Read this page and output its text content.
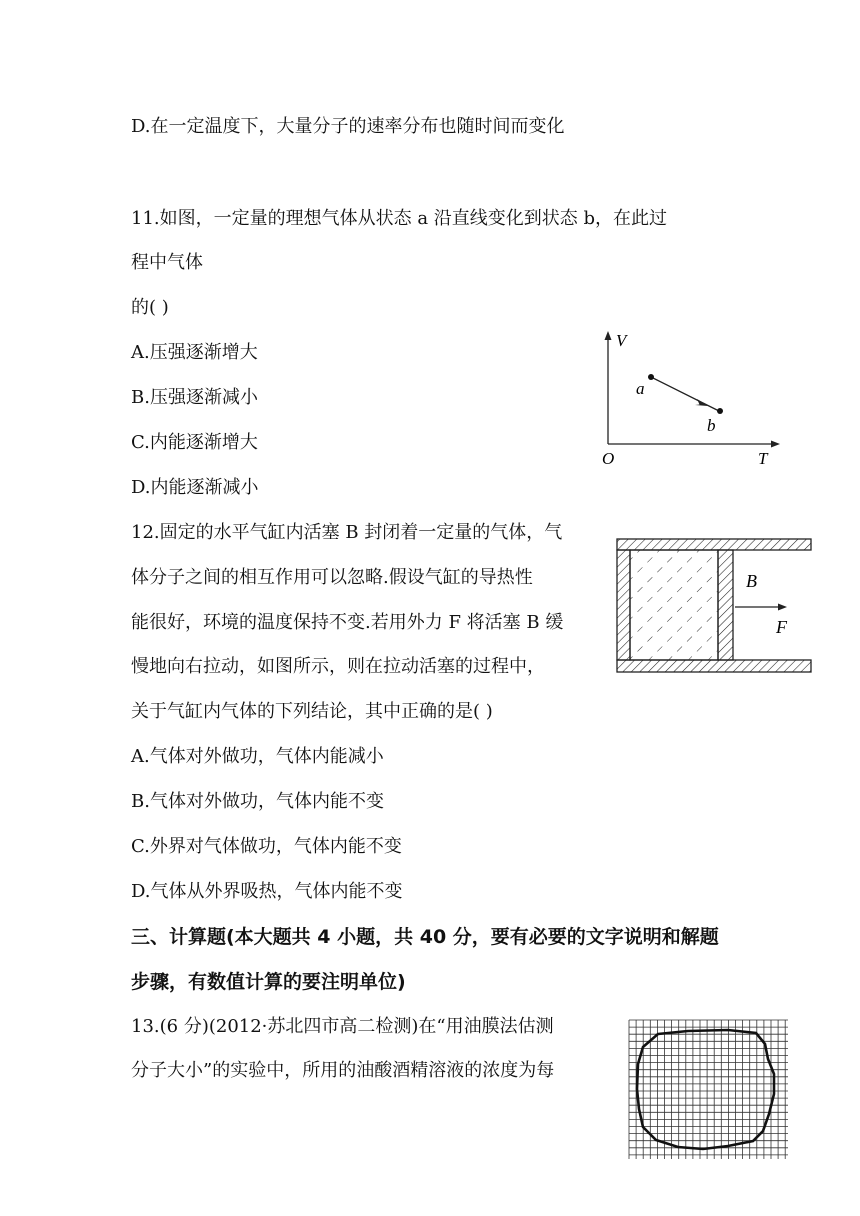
D.在一定温度下，大量分子的速率分布也随时间而变化
11.如图，一定量的理想气体从状态 a 沿直线变化到状态 b，在此过
程中气体
的( )
A.压强逐渐增大
B.压强逐渐减小
C.内能逐渐增大
D.内能逐渐减小
V
T
O
a
b
12.固定的水平气缸内活塞 B 封闭着一定量的气体，气
体分子之间的相互作用可以忽略.假设气缸的导热性
能很好，环境的温度保持不变.若用外力 F 将活塞 B 缓
慢地向右拉动，如图所示，则在拉动活塞的过程中，
关于气缸内气体的下列结论，其中正确的是( )
A.气体对外做功，气体内能减小
B.气体对外做功，气体内能不变
C.外界对气体做功，气体内能不变
D.气体从外界吸热，气体内能不变
B
F
三、计算题(本大题共 4 小题，共 40 分，要有必要的文字说明和解题
步骤，有数值计算的要注明单位)
13.(6 分)(2012·苏北四市高二检测)在“用油膜法估测
分子大小”的实验中，所用的油酸酒精溶液的浓度为每
